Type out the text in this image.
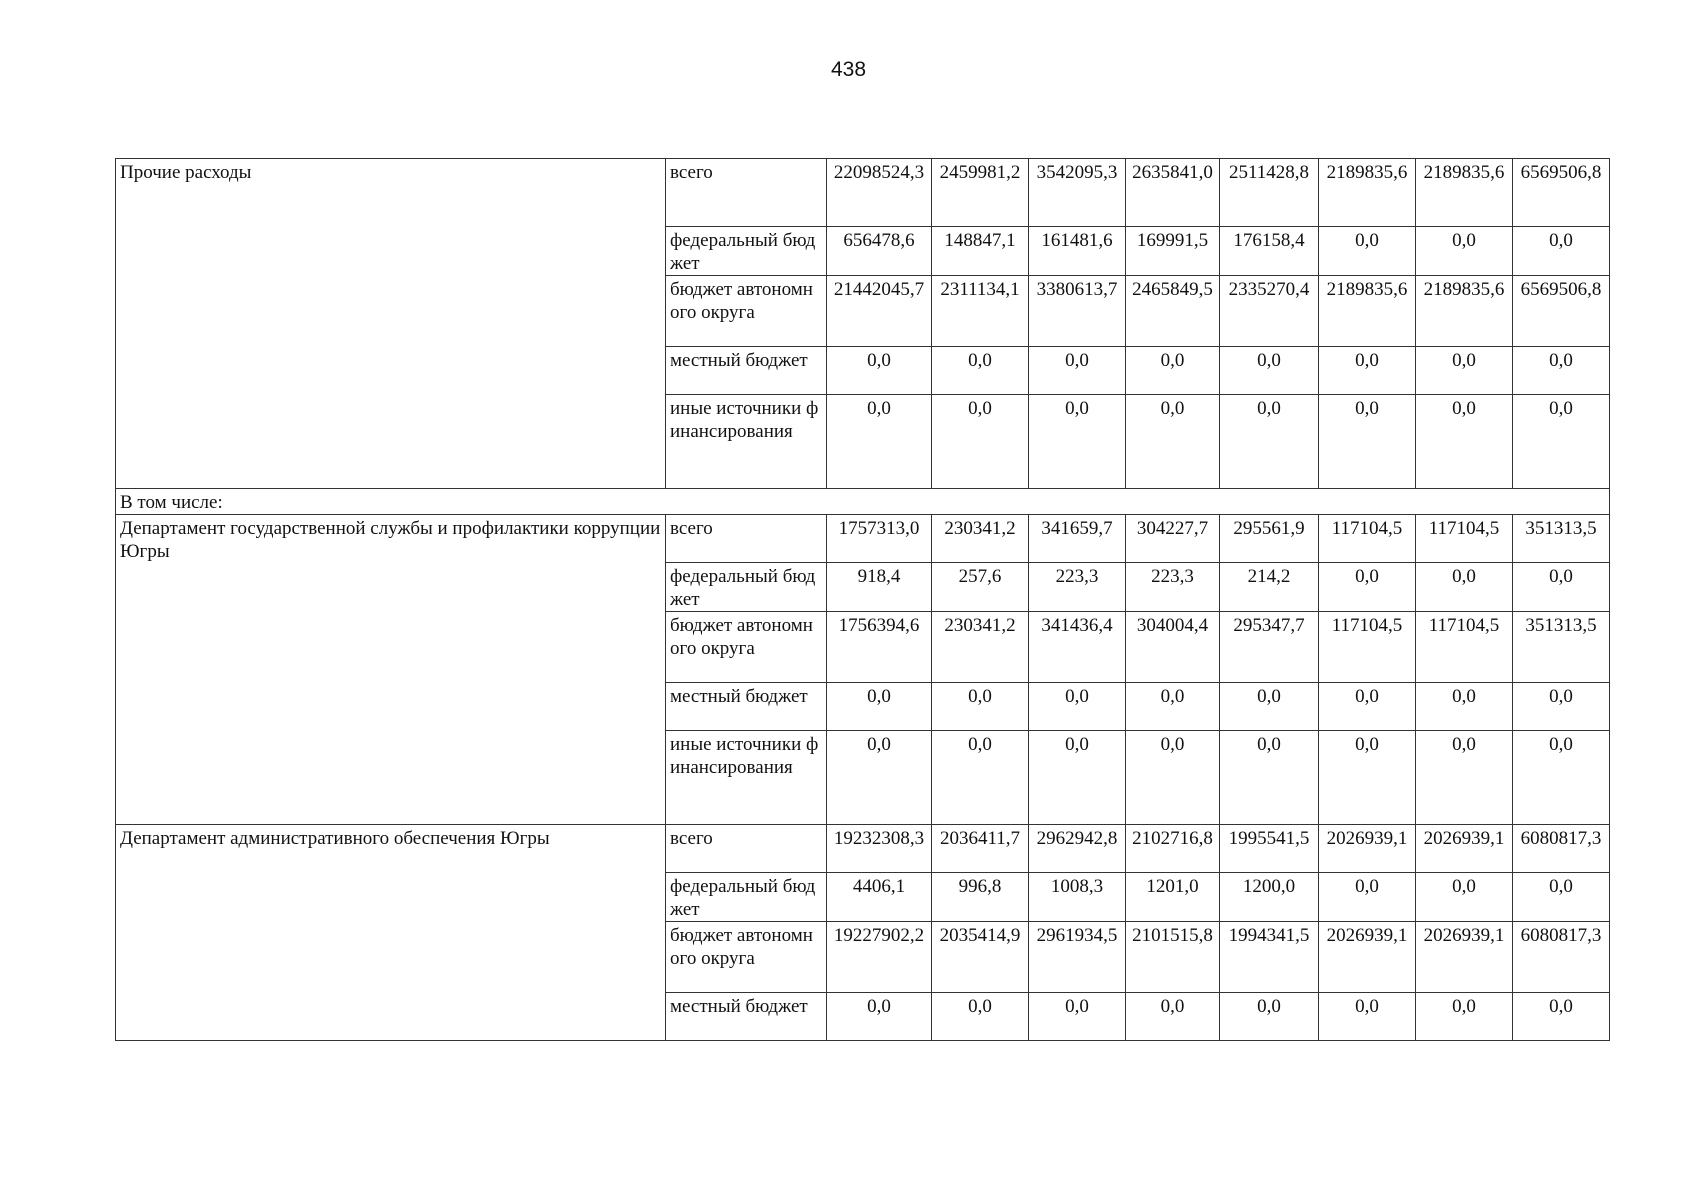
438
Прочие расходы	всего	22098524,3	2459981,2	3542095,3	2635841,0	2511428,8	2189835,6	2189835,6	6569506,8
	федеральный бюджет	656478,6	148847,1	161481,6	169991,5	176158,4	0,0	0,0	0,0
	бюджет автономного округа	21442045,7	2311134,1	3380613,7	2465849,5	2335270,4	2189835,6	2189835,6	6569506,8
	местный бюджет	0,0	0,0	0,0	0,0	0,0	0,0	0,0	0,0
	иные источники финансирования	0,0	0,0	0,0	0,0	0,0	0,0	0,0	0,0
В том числе:									
Департамент государственной службы и профилактики коррупции Югры	всего	1757313,0	230341,2	341659,7	304227,7	295561,9	117104,5	117104,5	351313,5
	федеральный бюджет	918,4	257,6	223,3	223,3	214,2	0,0	0,0	0,0
	бюджет автономного округа	1756394,6	230341,2	341436,4	304004,4	295347,7	117104,5	117104,5	351313,5
	местный бюджет	0,0	0,0	0,0	0,0	0,0	0,0	0,0	0,0
	иные источники финансирования	0,0	0,0	0,0	0,0	0,0	0,0	0,0	0,0
Департамент административного обеспечения Югры	всего	19232308,3	2036411,7	2962942,8	2102716,8	1995541,5	2026939,1	2026939,1	6080817,3
	федеральный бюджет	4406,1	996,8	1008,3	1201,0	1200,0	0,0	0,0	0,0
	бюджет автономного округа	19227902,2	2035414,9	2961934,5	2101515,8	1994341,5	2026939,1	2026939,1	6080817,3
	местный бюджет	0,0	0,0	0,0	0,0	0,0	0,0	0,0	0,0
